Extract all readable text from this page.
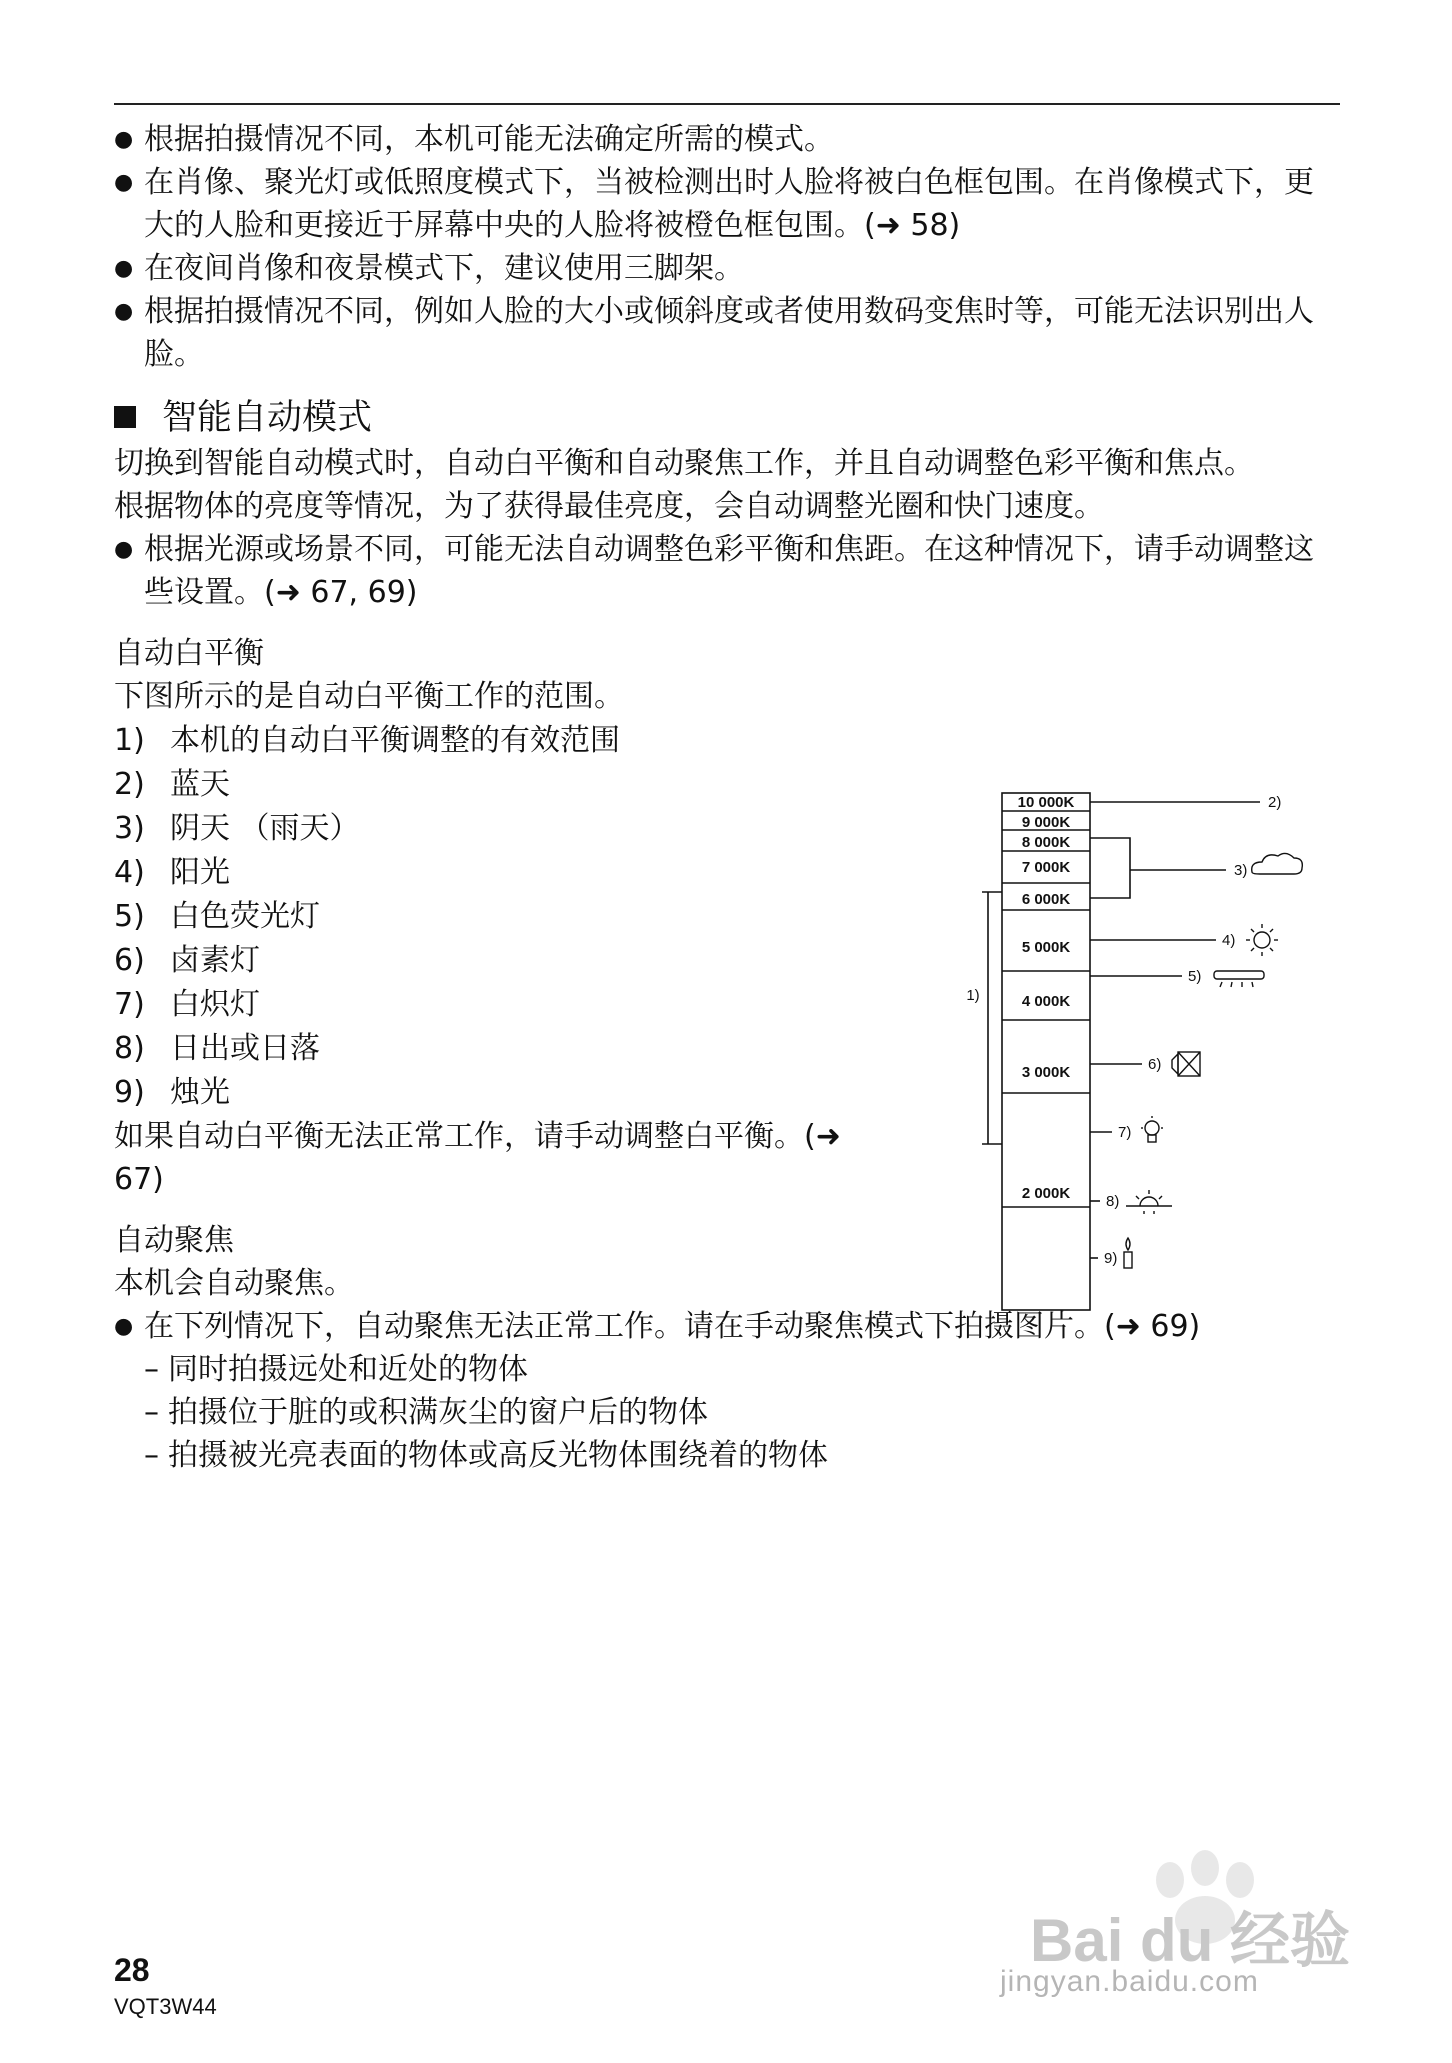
● 根据拍摄情况不同，本机可能无法确定所需的模式。
● 在肖像、聚光灯或低照度模式下，当被检测出时人脸将被白色框包围。在肖像模式下，更大的人脸和更接近于屏幕中央的人脸将被橙色框包围。(➜ 58)
● 在夜间肖像和夜景模式下，建议使用三脚架。
● 根据拍摄情况不同，例如人脸的大小或倾斜度或者使用数码变焦时等，可能无法识别出人脸。
智能自动模式
切换到智能自动模式时，自动白平衡和自动聚焦工作，并且自动调整色彩平衡和焦点。
根据物体的亮度等情况，为了获得最佳亮度，会自动调整光圈和快门速度。
● 根据光源或场景不同，可能无法自动调整色彩平衡和焦距。在这种情况下，请手动调整这些设置。(➜ 67, 69)
自动白平衡
下图所示的是自动白平衡工作的范围。
1) 本机的自动白平衡调整的有效范围
2) 蓝天
3) 阴天 （雨天）
4) 阳光
5) 白色荧光灯
6) 卤素灯
7) 白炽灯
8) 日出或日落
9) 烛光
如果自动白平衡无法正常工作，请手动调整白平衡。(➜ 67)
自动聚焦
本机会自动聚焦。
● 在下列情况下，自动聚焦无法正常工作。请在手动聚焦模式下拍摄图片。(➜ 69)
– 同时拍摄远处和近处的物体
– 拍摄位于脏的或积满灰尘的窗户后的物体
– 拍摄被光亮表面的物体或高反光物体围绕着的物体
10 000K
9 000K
8 000K
7 000K
6 000K
5 000K
4 000K
3 000K
2 000K
1)
2)
3)
4)
5)
6)
7)
8)
9)
28
VQT3W44
Bai du 经验
jingyan.baidu.com
